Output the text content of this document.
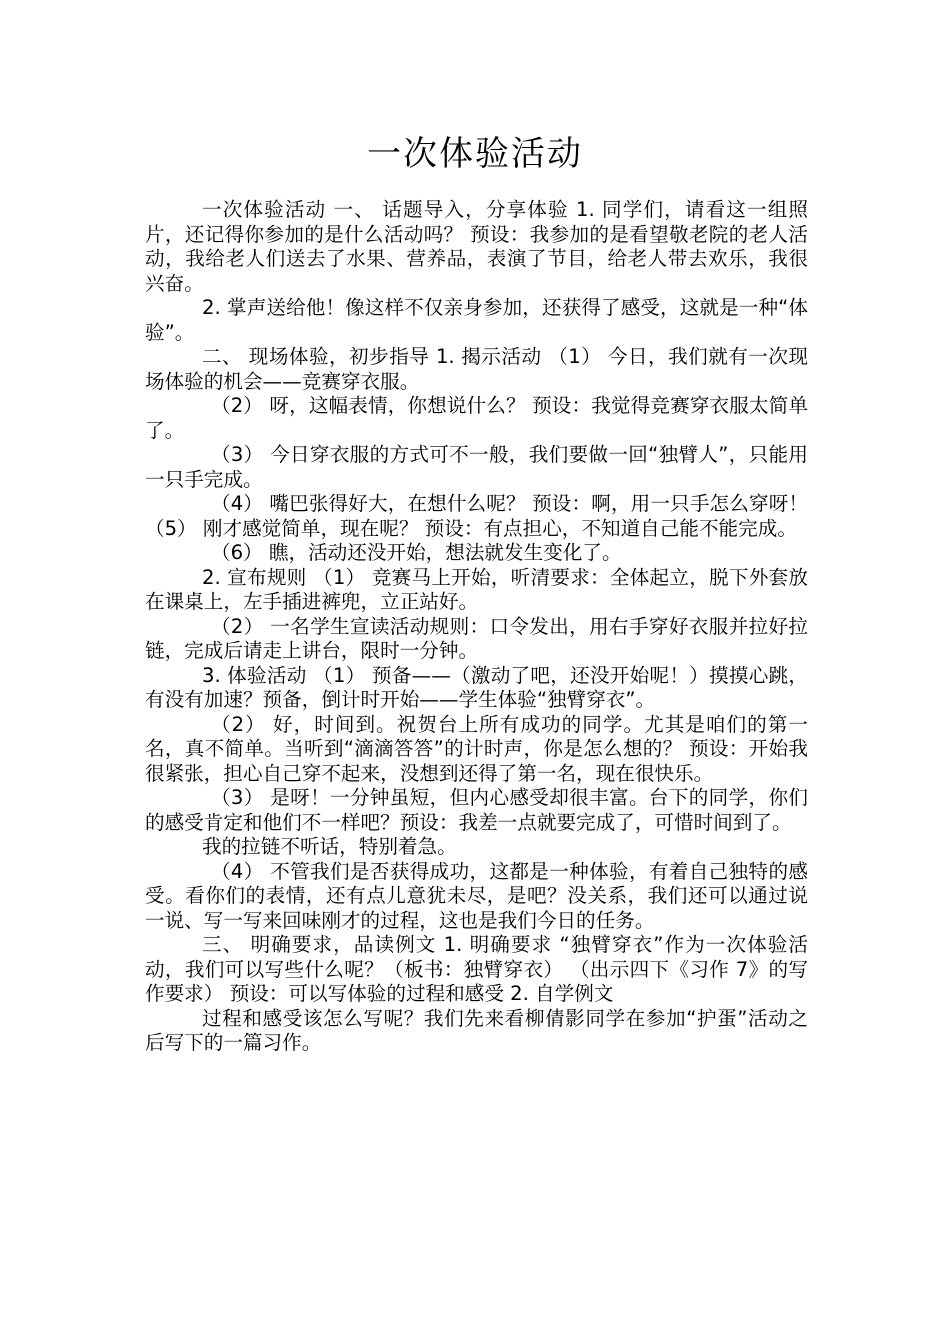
一次体验活动

一次体验活动 一、 话题导入，分享体验 1. 同学们，请看这一组照片，还记得你参加的是什么活动吗？ 预设：我参加的是看望敬老院的老人活动，我给老人们送去了水果、营养品，表演了节目，给老人带去欢乐，我很兴奋。

2. 掌声送给他！像这样不仅亲身参加，还获得了感受，这就是一种“体验”。

二、 现场体验，初步指导 1. 揭示活动 （1） 今日，我们就有一次现场体验的机会——竞赛穿衣服。

（2） 呀，这幅表情，你想说什么？ 预设：我觉得竞赛穿衣服太简单了。

（3） 今日穿衣服的方式可不一般，我们要做一回“独臂人”，只能用一只手完成。

（4） 嘴巴张得好大，在想什么呢？ 预设：啊，用一只手怎么穿呀！（5） 刚才感觉简单，现在呢？ 预设：有点担心，不知道自己能不能完成。

（6） 瞧，活动还没开始，想法就发生变化了。

2. 宣布规则 （1） 竞赛马上开始，听清要求：全体起立，脱下外套放在课桌上，左手插进裤兜，立正站好。

（2） 一名学生宣读活动规则：口令发出，用右手穿好衣服并拉好拉链，完成后请走上讲台，限时一分钟。

3. 体验活动 （1） 预备——（激动了吧，还没开始呢！）摸摸心跳，有没有加速？预备，倒计时开始——学生体验“独臂穿衣”。

（2） 好，时间到。祝贺台上所有成功的同学。尤其是咱们的第一名，真不简单。当听到“滴滴答答”的计时声，你是怎么想的？ 预设：开始我很紧张，担心自己穿不起来，没想到还得了第一名，现在很快乐。

（3） 是呀！一分钟虽短，但内心感受却很丰富。台下的同学，你们的感受肯定和他们不一样吧？预设：我差一点就要完成了，可惜时间到了。

我的拉链不听话，特别着急。

（4） 不管我们是否获得成功，这都是一种体验，有着自己独特的感受。看你们的表情，还有点儿意犹未尽，是吧？没关系，我们还可以通过说一说、写一写来回味刚才的过程，这也是我们今日的任务。

三、 明确要求，品读例文 1. 明确要求 “独臂穿衣”作为一次体验活动，我们可以写些什么呢？（板书：独臂穿衣） （出示四下《习作 7》的写作要求） 预设：可以写体验的过程和感受 2. 自学例文

过程和感受该怎么写呢？我们先来看柳倩影同学在参加“护蛋”活动之后写下的一篇习作。
